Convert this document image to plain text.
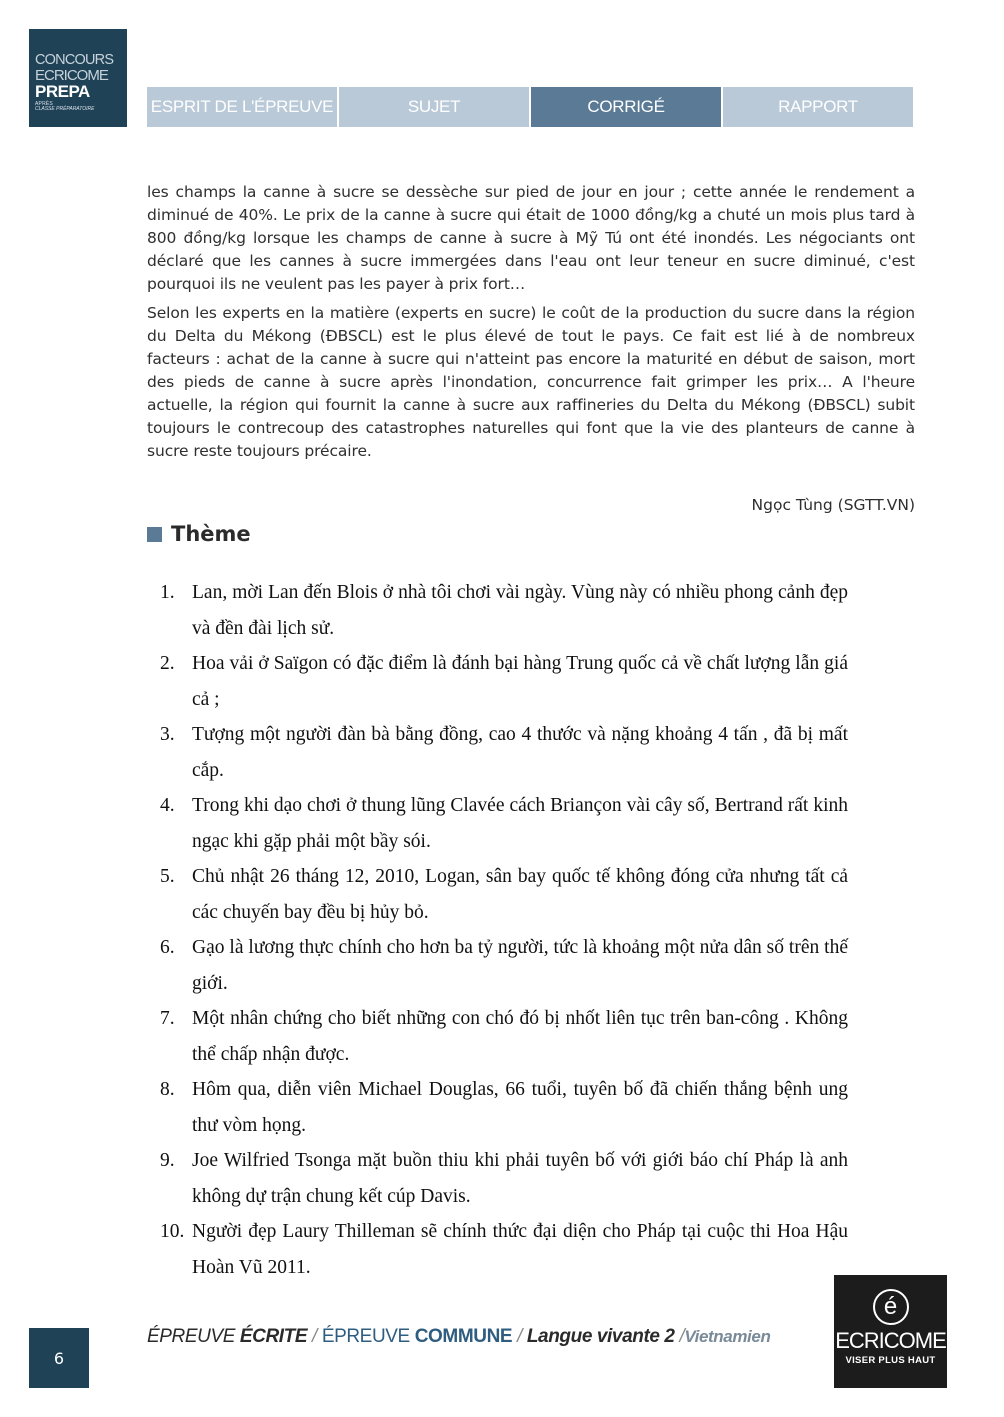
CONCOURS
ECRICOME
PREPA
APRÈS
CLASSE PRÉPARATOIRE	ESPRIT DE L'ÉPREUVE	SUJET	CORRIGÉ	RAPPORT

les champs la canne à sucre se dessèche sur pied de jour en jour ; cette année le rendement a diminué de 40%. Le prix de la canne à sucre qui était de 1000 đồng/kg a chuté un mois plus tard à 800 đồng/kg lorsque les champs de canne à sucre à Mỹ Tú ont été inondés. Les négociants ont déclaré que les cannes à sucre immergées dans l'eau ont leur teneur en sucre diminué, c'est pourquoi ils ne veulent pas les payer à prix fort…

Selon les experts en la matière (experts en sucre) le coût de la production du sucre dans la région du Delta du Mékong (ĐBSCL) est le plus élevé de tout le pays. Ce fait est lié à de nombreux facteurs : achat de la canne à sucre qui n'atteint pas encore la maturité en début de saison, mort des pieds de canne à sucre après l'inondation, concurrence fait grimper les prix… A l'heure actuelle, la région qui fournit la canne à sucre aux raffineries du Delta du Mékong (ĐBSCL) subit toujours le contrecoup des catastrophes naturelles qui font que la vie des planteurs de canne à sucre reste toujours précaire.

Ngọc Tùng (SGTT.VN)
Thème
1. Lan, mời Lan đến Blois ở nhà tôi chơi vài ngày. Vùng này có nhiều phong cảnh đẹp và đền đài lịch sử.
2. Hoa vải ở Saïgon có đặc điểm là đánh bại hàng Trung quốc cả về chất lượng lẫn giá cả ;
3. Tượng một người đàn bà bằng đồng, cao 4 thước và nặng khoảng 4 tấn , đã bị mất cắp.
4. Trong khi dạo chơi ở thung lũng Clavée cách Briançon vài cây số, Bertrand rất kinh ngạc khi gặp phải một bầy sói.
5. Chủ nhật 26 tháng 12, 2010, Logan, sân bay quốc tế không đóng cửa nhưng tất cả các chuyến bay đều bị hủy bỏ.
6. Gạo là lương thực chính cho hơn ba tỷ người, tức là khoảng một nửa dân số trên thế giới.
7. Một nhân chứng cho biết những con chó đó bị nhốt liên tục trên ban-công . Không thể chấp nhận được.
8. Hôm qua, diễn viên Michael Douglas, 66 tuổi, tuyên bố đã chiến thắng bệnh ung thư vòm họng.
9. Joe Wilfried Tsonga mặt buồn thiu khi phải tuyên bố với giới báo chí Pháp là anh không dự trận chung kết cúp Davis.
10. Người đẹp Laury Thilleman sẽ chính thức đại diện cho Pháp tại cuộc thi Hoa Hậu Hoàn Vũ 2011.
6
ÉPREUVE ÉCRITE / ÉPREUVE COMMUNE / Langue vivante 2 /Vietnamien
é
ECRICOME
VISER PLUS HAUT
